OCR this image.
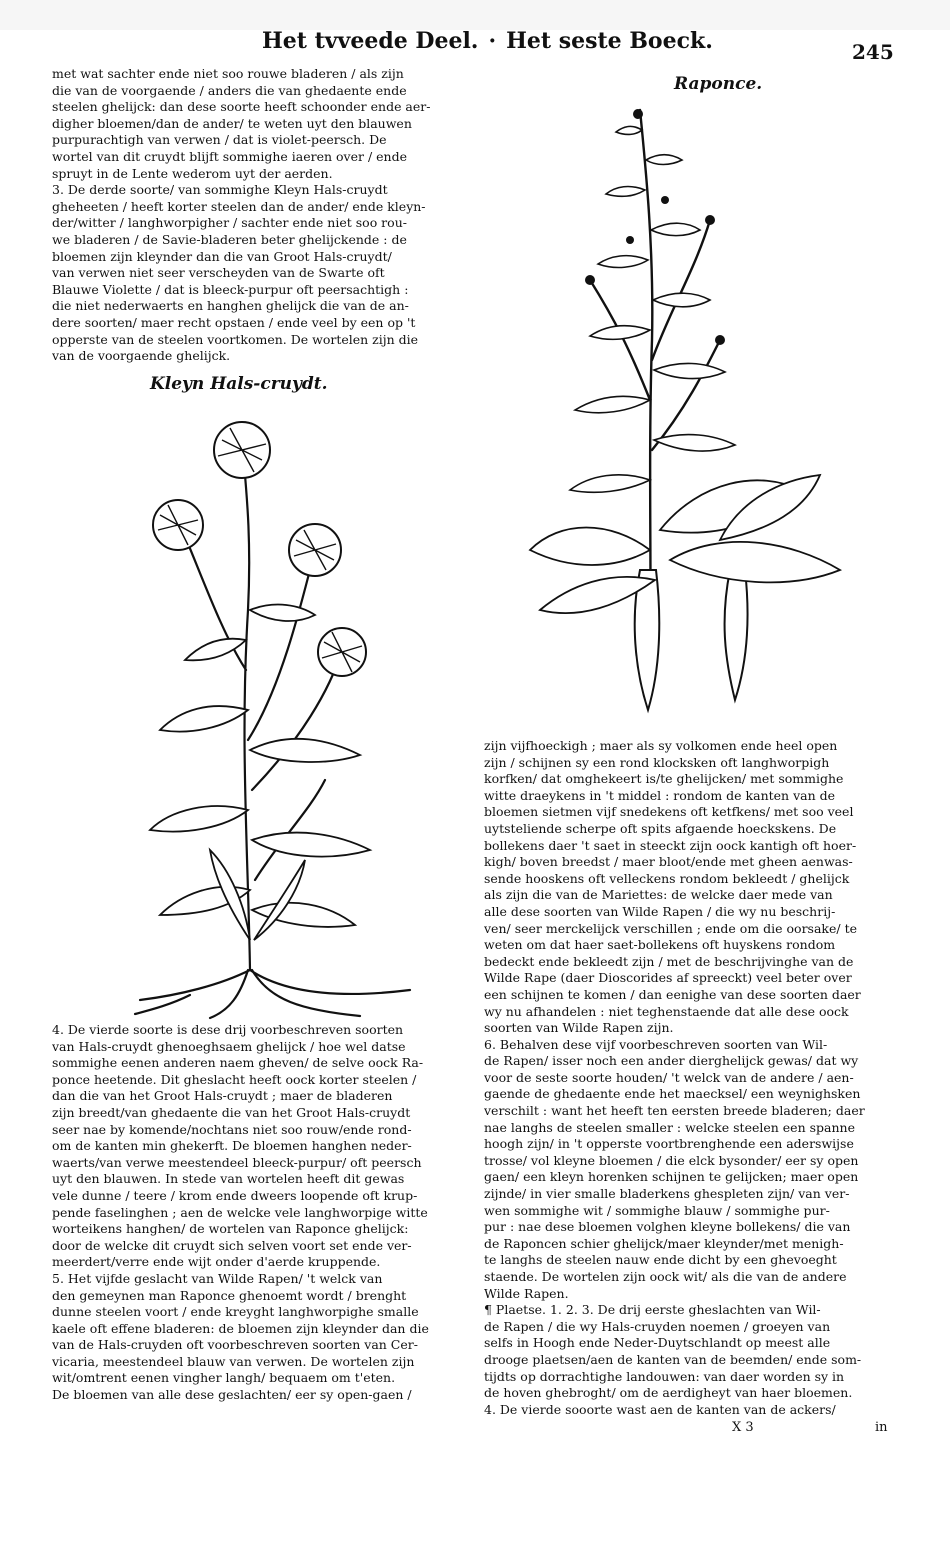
Het tvveede Deel. · Het seste Boeck.	245
met wat sachter ende niet soo rouwe bladeren / als zijn
die van de voorgaende / anders die van ghedaente ende
steelen ghelijck: dan dese soorte heeft schoonder ende aer-
digher bloemen/dan de ander/ te weten uyt den blauwen
purpurachtigh van verwen / dat is violet-peersch. De
wortel van dit cruydt blijft sommighe iaeren over / ende
spruyt in de Lente wederom uyt der aerden.
3. De derde soorte/ van sommighe Kleyn Hals-cruydt
gheheeten / heeft korter steelen dan de ander/ ende kleyn-
der/witter / langhworpigher / sachter ende niet soo rou-
we bladeren / de Savie-bladeren beter ghelijckende : de
bloemen zijn kleynder dan die van Groot Hals-cruydt/
van verwen niet seer verscheyden van de Swarte oft
Blauwe Violette / dat is bleeck-purpur oft peersachtigh :
die niet nederwaerts en hanghen ghelijck die van de an-
dere soorten/ maer recht opstaen / ende veel by een op 't
opperste van de steelen voortkomen. De wortelen zijn die
van de voorgaende ghelijck.
Kleyn Hals-cruydt.
4. De vierde soorte is dese drij voorbeschreven soorten
van Hals-cruydt ghenoeghsaem ghelijck / hoe wel datse
sommighe eenen anderen naem gheven/ de selve oock Ra-
ponce heetende. Dit gheslacht heeft oock korter steelen /
dan die van het Groot Hals-cruydt ; maer de bladeren
zijn breedt/van ghedaente die van het Groot Hals-cruydt
seer nae by komende/nochtans niet soo rouw/ende rond-
om de kanten min ghekerft. De bloemen hanghen neder-
waerts/van verwe meestendeel bleeck-purpur/ oft peersch
uyt den blauwen. In stede van wortelen heeft dit gewas
vele dunne / teere / krom ende dweers loopende oft krup-
pende faselinghen ; aen de welcke vele langhworpige witte
worteikens hanghen/ de wortelen van Raponce ghelijck:
door de welcke dit cruydt sich selven voort set ende ver-
meerdert/verre ende wijt onder d'aerde kruppende.
5. Het vijfde geslacht van Wilde Rapen/ 't welck van
den gemeynen man Raponce ghenoemt wordt / brenght
dunne steelen voort / ende kreyght langhworpighe smalle
kaele oft effene bladeren: de bloemen zijn kleynder dan die
van de Hals-cruyden oft voorbeschreven soorten van Cer-
vicaria, meestendeel blauw van verwen. De wortelen zijn
wit/omtrent eenen vingher langh/ bequaem om t'eten.
De bloemen van alle dese geslachten/ eer sy open-gaen /
Raponce.
zijn vijfhoeckigh ; maer als sy volkomen ende heel open
zijn / schijnen sy een rond klocksken oft langhworpigh
korfken/ dat omghekeert is/te ghelijcken/ met sommighe
witte draeykens in 't middel : rondom de kanten van de
bloemen sietmen vijf snedekens oft ketfkens/ met soo veel
uytsteliende scherpe oft spits afgaende hoeckskens. De
bollekens daer 't saet in steeckt zijn oock kantigh oft hoer-
kigh/ boven breedst / maer bloot/ende met gheen aenwas-
sende hooskens oft velleckens rondom bekleedt / ghelijck
als zijn die van de Mariettes: de welcke daer mede van
alle dese soorten van Wilde Rapen / die wy nu beschrij-
ven/ seer merckelijck verschillen ; ende om die oorsake/ te
weten om dat haer saet-bollekens oft huyskens rondom
bedeckt ende bekleedt zijn / met de beschrijvinghe van de
Wilde Rape (daer Dioscorides af spreeckt) veel beter over
een schijnen te komen / dan eenighe van dese soorten daer
wy nu afhandelen : niet teghenstaende dat alle dese oock
soorten van Wilde Rapen zijn.
6. Behalven dese vijf voorbeschreven soorten van Wil-
de Rapen/ isser noch een ander dierghelijck gewas/ dat wy
voor de seste soorte houden/ 't welck van de andere / aen-
gaende de ghedaente ende het maecksel/ een weynighsken
verschilt : want het heeft ten eersten breede bladeren; daer
nae langhs de steelen smaller : welcke steelen een spanne
hoogh zijn/ in 't opperste voortbrenghende een aderswijse
trosse/ vol kleyne bloemen / die elck bysonder/ eer sy open
gaen/ een kleyn horenken schijnen te gelijcken; maer open
zijnde/ in vier smalle bladerkens ghespleten zijn/ van ver-
wen sommighe wit / sommighe blauw / sommighe pur-
pur : nae dese bloemen volghen kleyne bollekens/ die van
de Raponcen schier ghelijck/maer kleynder/met menigh-
te langhs de steelen nauw ende dicht by een ghevoeght
staende. De wortelen zijn oock wit/ als die van de andere
Wilde Rapen.
¶ Plaetse. 1. 2. 3. De drij eerste gheslachten van Wil-
de Rapen / die wy Hals-cruyden noemen / groeyen van
selfs in Hoogh ende Neder-Duytschlandt op meest alle
drooge plaetsen/aen de kanten van de beemden/ ende som-
tijdts op dorrachtighe landouwen: van daer worden sy in
de hoven ghebroght/ om de aerdigheyt van haer bloemen.
4. De vierde sooorte wast aen de kanten van de ackers/
X 3	in
